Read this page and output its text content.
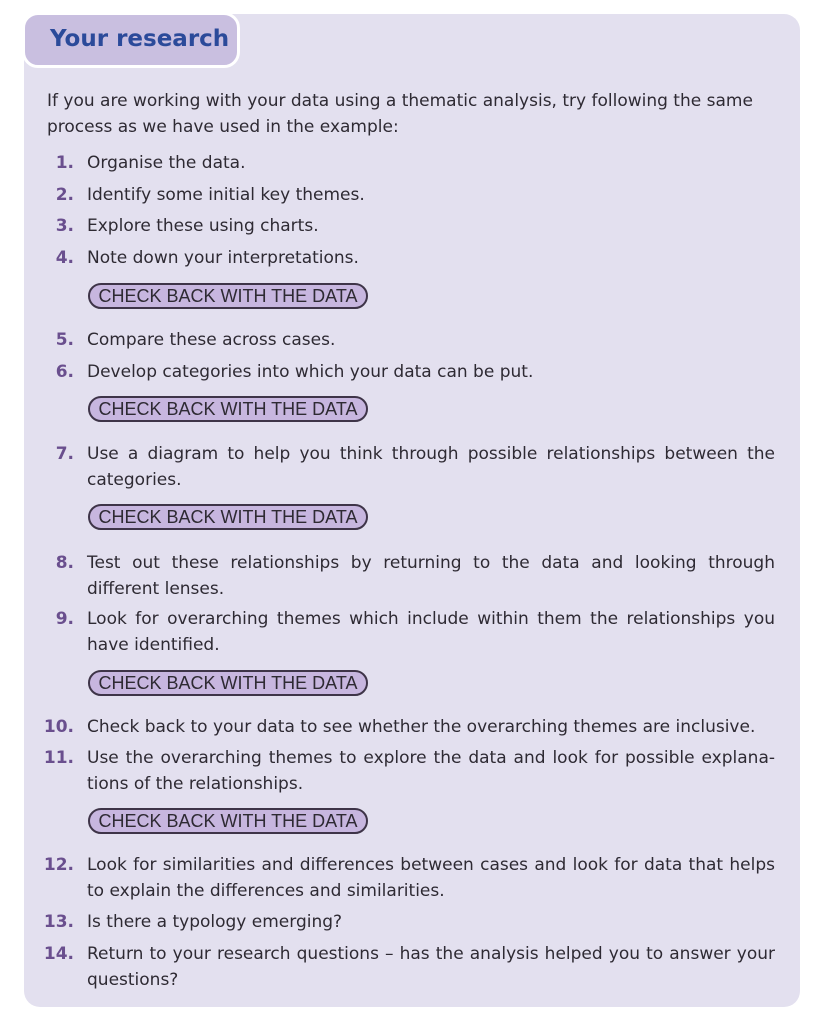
Your research

If you are working with your data using a thematic analysis, try following the same process as we have used in the example:

1. Organise the data.

2. Identify some initial key themes.

3. Explore these using charts.

4. Note down your interpretations.

CHECK BACK WITH THE DATA
5. Compare these across cases.

6. Develop categories into which your data can be put.

CHECK BACK WITH THE DATA
7. Use a diagram to help you think through possible relationships between the categories.

CHECK BACK WITH THE DATA
8. Test out these relationships by returning to the data and looking through different lenses.

9. Look for overarching themes which include within them the relationships you have identified.

CHECK BACK WITH THE DATA
10. Check back to your data to see whether the overarching themes are inclusive.

11. Use the overarching themes to explore the data and look for possible explana-tions of the relationships.

CHECK BACK WITH THE DATA
12. Look for similarities and differences between cases and look for data that helps to explain the differences and similarities.

13. Is there a typology emerging?

14. Return to your research questions – has the analysis helped you to answer your questions?
